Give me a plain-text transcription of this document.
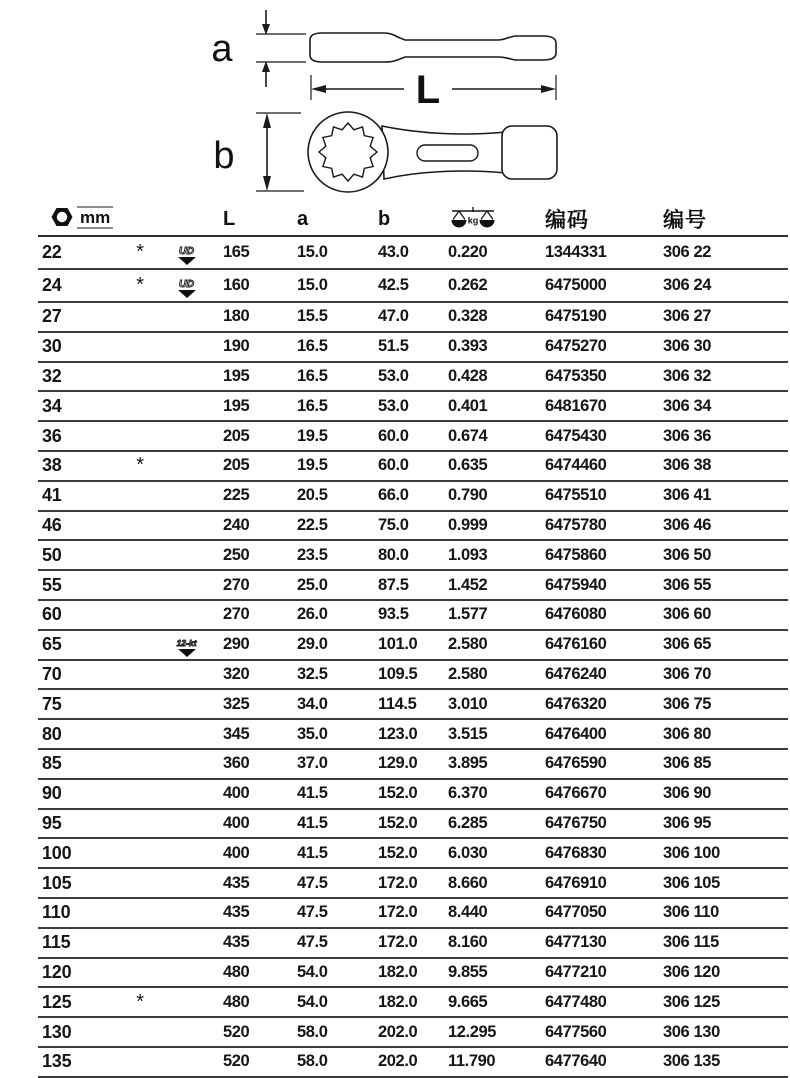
a
L
b
mm			L	a	b	kg	编码	编号
22	*	UD	165	15.0	43.0	0.220	1344331	306 22
24	*	UD	160	15.0	42.5	0.262	6475000	306 24
27			180	15.5	47.0	0.328	6475190	306 27
30			190	16.5	51.5	0.393	6475270	306 30
32			195	16.5	53.0	0.428	6475350	306 32
34			195	16.5	53.0	0.401	6481670	306 34
36			205	19.5	60.0	0.674	6475430	306 36
38	*		205	19.5	60.0	0.635	6474460	306 38
41			225	20.5	66.0	0.790	6475510	306 41
46			240	22.5	75.0	0.999	6475780	306 46
50			250	23.5	80.0	1.093	6475860	306 50
55			270	25.0	87.5	1.452	6475940	306 55
60			270	26.0	93.5	1.577	6476080	306 60
65		12-kt	290	29.0	101.0	2.580	6476160	306 65
70			320	32.5	109.5	2.580	6476240	306 70
75			325	34.0	114.5	3.010	6476320	306 75
80			345	35.0	123.0	3.515	6476400	306 80
85			360	37.0	129.0	3.895	6476590	306 85
90			400	41.5	152.0	6.370	6476670	306 90
95			400	41.5	152.0	6.285	6476750	306 95
100			400	41.5	152.0	6.030	6476830	306 100
105			435	47.5	172.0	8.660	6476910	306 105
110			435	47.5	172.0	8.440	6477050	306 110
115			435	47.5	172.0	8.160	6477130	306 115
120			480	54.0	182.0	9.855	6477210	306 120
125	*		480	54.0	182.0	9.665	6477480	306 125
130			520	58.0	202.0	12.295	6477560	306 130
135			520	58.0	202.0	11.790	6477640	306 135
